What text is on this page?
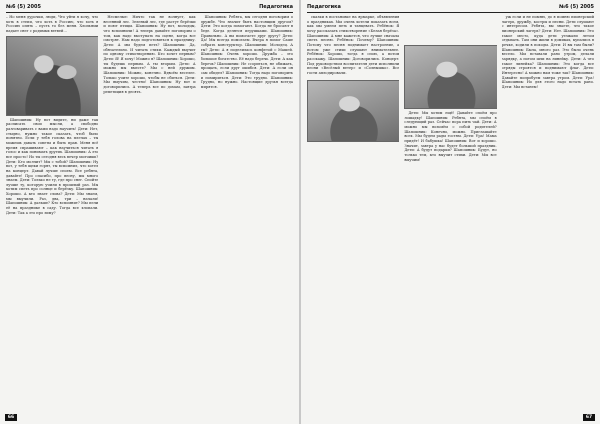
№6 (5) 2005	Педагогика

– Но меня дурочки, люди, Что уйти я хочу, что хоть в степи, что хоть в Россию, что хоть в Россию опять – пусть то без меня. Хлопьями падает снег с родимых ветвей…

Шапошник: Ну вот видите, ни даже так расписать свои мысли, а свободно разговаривать с вами надо научить! Дети: Нет, стыдно, нужно такое сказать, чтоб было понятно. Если у тебя голова на плечах – ты можешь давать советы и быть прав. Меня всё время спрашивают – как научиться читать в голос и как понимать других. Шапошник: А это все просто! Но ты сегодня весь вечер молчишь? Дети: Кто молчит? Мы с тобой? Шапошник: Ну вот, у тебя щеки горят, ты вспомнил, что хотел на концерт. Давай лучше споем. Все ребята, давайте! Про спасибо, про весну, мы много знаем. Дети: Только не ту, где про снег. Спойте лучше ту, которую учили в прошлый раз. Мы хотим спеть про солнце и берёзку. Шапошник: Хорошо. А кто знает слова? Дети: Мы знаем, мы выучили. Раз, два, три – начали! Шапошник: А дальше? Кто вспомнит? Мы пели её на празднике в саду. Тогда все хлопали. Дети: Так а это про зиму?

Несмелые: Ничто так не волнует, как весенний лес. Зеленый лес, где растут берёзки и поют птицы. Шапошник: Ну вот, молодцы, что вспомнили! А теперь давайте поговорим о том, как надо выступать на сцене, когда все смотрят. Нам надо подготовиться к празднику. Дети: А мы будем петь? Шапошник: Да, обязательно. И читать стихи. Каждый выучит по одному стихотворению. Кто хочет первым? Дети: Я! Я хочу! Можно я? Шапошник: Хорошо, ты будешь первым. А ты вторым. Дети: А можно мы вместе? Мы с ней дружим. Шапошник: Можно, конечно. Вдвоём веселее. Только учите хорошо, чтобы не сбиться. Дети: Мы выучим, честно! Шапошник: Ну вот и договорились. А теперь все по домам, завтра репетиция в десять.

Шапошник: Ребята, мы сегодня поговорим о дружбе. Что значит быть настоящим другом? Дети: Это когда помогают. Когда не бросают в беде. Когда делятся игрушками. Шапошник: Правильно. А вы помогаете друг другу? Дети: Да! Мы всегда помогаем. Вчера я помог Саше собрать конструктор. Шапошник: Молодец. А ты? Дети: А я поделилась конфетой с Машей. Шапошник: Очень хорошо. Дружба – это большое богатство. Её надо беречь. Дети: А как беречь? Шапошник: Не ссориться, не обижать, прощать, если друг ошибся. Дети: А если он сам обидел? Шапошник: Тогда надо поговорить и помириться. Дети: Это трудно. Шапошник: Трудно, но нужно. Настоящие друзья всегда мирятся.

66
Педагогика	№6 (5) 2005

сказки в постановке на ярмарке, объявления о праздниках. Мы очень хотели показать всем, как мы умеем петь и танцевать. Ребёнок: Я хочу рассказать стихотворение «Белая берёза». Шапошник: А мне кажется, что лучше сначала спеть песню. Ребёнок: Почему? Шапошник: Потому что песня поднимает настроение, а потом уже стихи слушают внимательнее. Ребёнок: Хорошо, тогда я спою, а потом расскажу. Шапошник: Договорились. Концерт: Под руководством воспитателя дети исполнили песни «Весёлый ветер» и «Солнышко». Все гости аплодировали.

Дети: Мы хотим ещё! Давайте споём про лошадку! Шапошник: Ребята, мы споём в следующий раз. Сейчас пора пить чай. Дети: А можно мы возьмём с собой родителей? Шапошник: Конечно, можно. Приглашайте всех. Мы будем рады гостям. Дети: Ура! Мама придёт! И бабушка! Шапошник: Вот и хорошо. Значит, завтра у нас будет большой праздник. Дети: А будут подарки? Шапошник: Будут, но только тем, кто выучит стихи. Дети: Мы все выучим!

уж если и не помню, до я помню пионерский лагерь, дружбу, костры и песни. Дети слушают с интересом. Ребята, вы знаете, что такое пионерский лагерь? Дети: Нет. Шапошник: Это такое место, куда дети уезжали летом отдыхать. Там они жили в домиках, купались в речке, ходили в походы. Дети: И вы там были? Шапошник: Была, много раз. Это было очень весело. Мы вставали рано утром, делали зарядку, а потом шли на линейку. Дети: А что такое линейка? Шапошник: Это когда все отряды строятся и поднимают флаг. Дети: Интересно! А можно нам тоже так? Шапошник: Давайте попробуем завтра утром. Дети: Ура! Шапошник: Но для этого надо встать рано. Дети: Мы встанем!

67
